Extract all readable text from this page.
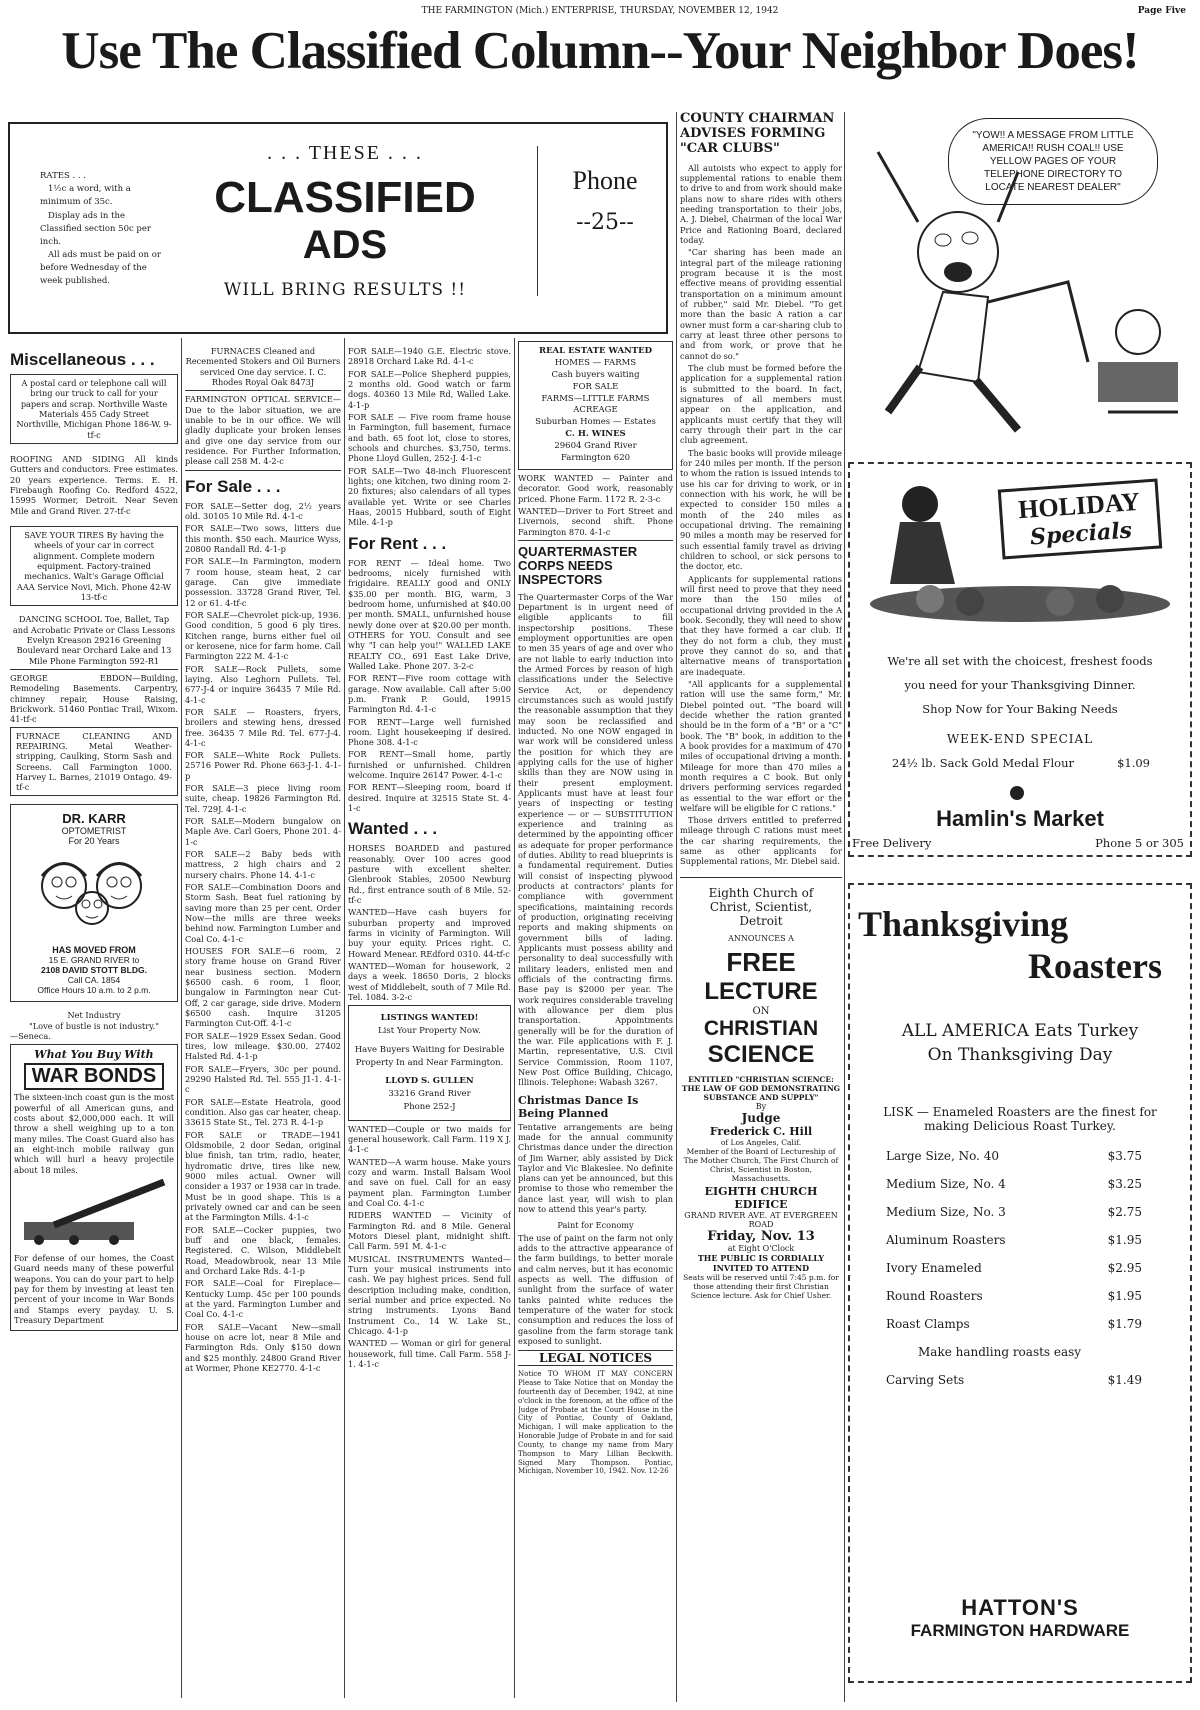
THE FARMINGTON (Mich.) ENTERPRISE, THURSDAY, NOVEMBER 12, 1942	Page Five
Use The Classified Column--Your Neighbor Does!
RATES . . .
1½c a word, with a minimum of 35c.
Display ads in the Classified section 50c per inch.
All ads must be paid on or before Wednesday of the week published.
. . . THESE . . .
CLASSIFIED
ADS
WILL BRING RESULTS !!
Phone
--25--
Miscellaneous . . .
A postal card or telephone call will bring our truck to call for your papers and scrap. Northville Waste Materials 455 Cady Street Northville, Michigan Phone 186-W. 9-tf-c
ROOFING AND SIDING All kinds Gutters and conductors. Free estimates. 20 years experience. Terms. E. H. Firebaugh Roofing Co. Redford 4522, 15995 Wormer, Detroit. Near Seven Mile and Grand River. 27-tf-c
SAVE YOUR TIRES By having the wheels of your car in correct alignment. Complete modern equipment. Factory-trained mechanics. Walt's Garage Official AAA Service Novi, Mich. Phone 42-W 13-tf-c
DANCING SCHOOL Toe, Ballet, Tap and Acrobatic Private or Class Lessons Evelyn Kreason 29216 Greening Boulevard near Orchard Lake and 13 Mile Phone Farmington 592-R1
GEORGE EBDON—Building, Remodeling Basements. Carpentry, chimney repair, House Raising, Brickwork. 51460 Pontiac Trail, Wixom. 41-tf-c
FURNACE CLEANING AND REPAIRING. Metal Weather-stripping, Caulking, Storm Sash and Screens. Call Farmington 1000. Harvey L. Barnes, 21019 Ontago. 49-tf-c
DR. KARR
OPTOMETRIST
For 20 Years
HAS MOVED FROM
15 E. GRAND RIVER to
2108 DAVID STOTT BLDG.
Call CA. 1854
Office Hours 10 a.m. to 2 p.m.
Net Industry
"Love of bustle is not industry."
—Seneca.
What You Buy With
WAR BONDS
The sixteen-inch coast gun is the most powerful of all American guns, and costs about $2,000,000 each. It will throw a shell weighing up to a ton many miles. The Coast Guard also has an eight-inch mobile railway gun which will hurl a heavy projectile about 18 miles.
For defense of our homes, the Coast Guard needs many of these powerful weapons. You can do your part to help pay for them by investing at least ten percent of your income in War Bonds and Stamps every payday. U. S. Treasury Department
FURNACES Cleaned and Recemented Stokers and Oil Burners serviced One day service. I. C. Rhodes Royal Oak 8473J
FARMINGTON OPTICAL SERVICE—Due to the labor situation, we are unable to be in our office. We will gladly duplicate your broken lenses and give one day service from our residence. For Further Information, please call 258 M. 4-2-c
For Sale . . .
FOR SALE—Setter dog, 2½ years old. 30105 10 Mile Rd. 4-1-c
FOR SALE—Two sows, litters due this month. $50 each. Maurice Wyss, 20800 Randall Rd. 4-1-p
FOR SALE—In Farmington, modern 7 room house, steam heat, 2 car garage. Can give immediate possession. 33728 Grand River, Tel. 12 or 61. 4-tf-c
FOR SALE—Chevrolet pick-up, 1936. Good condition, 5 good 6 ply tires. Kitchen range, burns either fuel oil or kerosene, nice for farm home. Call Farmington 222 M. 4-1-c
FOR SALE—Rock Pullets, some laying. Also Leghorn Pullets. Tel. 677-J-4 or inquire 36435 7 Mile Rd. 4-1-c
FOR SALE — Roasters, fryers, broilers and stewing hens, dressed free. 36435 7 Mile Rd. Tel. 677-J-4. 4-1-c
FOR SALE—White Rock Pullets. 25716 Power Rd. Phone 663-J-1. 4-1-p
FOR SALE—3 piece living room suite, cheap. 19826 Farmington Rd. Tel. 729J. 4-1-c
FOR SALE—Modern bungalow on Maple Ave. Carl Goers, Phone 201. 4-1-c
FOR SALE—2 Baby beds with mattress, 2 high chairs and 2 nursery chairs. Phone 14. 4-1-c
FOR SALE—Combination Doors and Storm Sash. Beat fuel rationing by saving more than 25 per cent. Order Now—the mills are three weeks behind now. Farmington Lumber and Coal Co. 4-1-c
HOUSES FOR SALE—6 room, 2 story frame house on Grand River near business section. Modern $6500 cash. 6 room, 1 floor, bungalow in Farmington near Cut-Off, 2 car garage, side drive. Modern $6500 cash. Inquire 31205 Farmington Cut-Off. 4-1-c
FOR SALE—1929 Essex Sedan. Good tires, low mileage. $30.00. 27402 Halsted Rd. 4-1-p
FOR SALE—Fryers, 30c per pound. 29290 Halsted Rd. Tel. 555 J1-1. 4-1-c
FOR SALE—Estate Heatrola, good condition. Also gas car heater, cheap. 33615 State St., Tel. 273 R. 4-1-p
FOR SALE or TRADE—1941 Oldsmobile, 2 door Sedan, original blue finish, tan trim, radio, heater, hydromatic drive, tires like new, 9000 miles actual. Owner will consider a 1937 or 1938 car in trade. Must be in good shape. This is a privately owned car and can be seen at the Farmington Mills. 4-1-c
FOR SALE—Cocker puppies, two buff and one black, females. Registered. C. Wilson, Middlebelt Road, Meadowbrook, near 13 Mile and Orchard Lake Rds. 4-1-p
FOR SALE—Coal for Fireplace—Kentucky Lump. 45c per 100 pounds at the yard. Farmington Lumber and Coal Co. 4-1-c
FOR SALE—Vacant New—small house on acre lot, near 8 Mile and Farmington Rds. Only $150 down and $25 monthly. 24800 Grand River at Wormer, Phone KE2770. 4-1-c
FOR SALE—1940 G.E. Electric stove. 28918 Orchard Lake Rd. 4-1-c
FOR SALE—Police Shepherd puppies, 2 months old. Good watch or farm dogs. 40360 13 Mile Rd, Walled Lake. 4-1-p
FOR SALE — Five room frame house in Farmington, full basement, furnace and bath. 65 foot lot, close to stores, schools and churches. $3,750, terms. Phone Lloyd Gullen, 252-J. 4-1-c
FOR SALE—Two 48-inch Fluorescent lights; one kitchen, two dining room 2-20 fixtures; also calendars of all types available yet. Write or see Charles Haas, 20015 Hubbard, south of Eight Mile. 4-1-p
For Rent . . .
FOR RENT — Ideal home. Two bedrooms, nicely furnished with frigidaire. REALLY good and ONLY $35.00 per month. BIG, warm, 3 bedroom home, unfurnished at $40.00 per month. SMALL, unfurnished house newly done over at $20.00 per month. OTHERS for YOU. Consult and see why "I can help you!" WALLED LAKE REALTY CO., 691 East Lake Drive, Walled Lake. Phone 207. 3-2-c
FOR RENT—Five room cottage with garage. Now available. Call after 5:00 p.m. Frank P. Gould, 19915 Farmington Rd. 4-1-c
FOR RENT—Large well furnished room. Light housekeeping if desired. Phone 308. 4-1-c
FOR RENT—Small home, partly furnished or unfurnished. Children welcome. Inquire 26147 Power. 4-1-c
FOR RENT—Sleeping room, board if desired. Inquire at 32515 State St. 4-1-c
Wanted . . .
HORSES BOARDED and pastured reasonably. Over 100 acres good pasture with excellent shelter. Glenbrook Stables, 20500 Newburg Rd., first entrance south of 8 Mile. 52-tf-c
WANTED—Have cash buyers for suburban property and improved farms in vicinity of Farmington. Will buy your equity. Prices right. C. Howard Menear. REdford 0310. 44-tf-c
WANTED—Woman for housework, 2 days a week. 18650 Doris, 2 blocks west of Middlebelt, south of 7 Mile Rd. Tel. 1084. 3-2-c
LISTINGS WANTED!
List Your Property Now.
Have Buyers Waiting for Desirable Property In and Near Farmington.
LLOYD S. GULLEN
33216 Grand River
Phone 252-J
WANTED—Couple or two maids for general housework. Call Farm. 119 X J. 4-1-c
WANTED—A warm house. Make yours cozy and warm. Install Balsam Wool and save on fuel. Call for an easy payment plan. Farmington Lumber and Coal Co. 4-1-c
RIDERS WANTED — Vicinity of Farmington Rd. and 8 Mile. General Motors Diesel plant, midnight shift. Call Farm. 591 M. 4-1-c
MUSICAL INSTRUMENTS Wanted—Turn your musical instruments into cash. We pay highest prices. Send full description including make, condition, serial number and price expected. No string instruments. Lyons Band Instrument Co., 14 W. Lake St., Chicago. 4-1-p
WANTED — Woman or girl for general housework, full time. Call Farm. 558 J-1. 4-1-c
REAL ESTATE WANTED
HOMES — FARMS
Cash buyers waiting
FOR SALE
FARMS—LITTLE FARMS
ACREAGE
Suburban Homes — Estates
C. H. WINES
29604 Grand River
Farmington 620
WORK WANTED — Painter and decorator. Good work, reasonably priced. Phone Farm. 1172 R. 2-3-c
WANTED—Driver to Fort Street and Livernois, second shift. Phone Farmington 870. 4-1-c
QUARTERMASTER CORPS NEEDS INSPECTORS
The Quartermaster Corps of the War Department is in urgent need of eligible applicants to fill inspectorship positions. These employment opportunities are open to men 35 years of age and over who are not liable to early induction into the Armed Forces by reason of high classifications under the Selective Service Act, or dependency circumstances such as would justify the reasonable assumption that they may soon be reclassified and inducted. No one NOW engaged in war work will be considered unless the position for which they are applying calls for the use of higher skills than they are NOW using in their present employment. Applicants must have at least four years of inspecting or testing experience — or — SUBSTITUTION experience and training as determined by the appointing officer as adequate for proper performance of duties. Ability to read blueprints is a fundamental requirement. Duties will consist of inspecting plywood products at contractors' plants for compliance with government specifications, maintaining records of production, originating receiving reports and making shipments on government bills of lading. Applicants must possess ability and personality to deal successfully with military leaders, enlisted men and officials of the contracting firms. Base pay is $2000 per year. The work requires considerable traveling with allowance per diem plus transportation. Appointments generally will be for the duration of the war. File applications with F. J. Martin, representative, U.S. Civil Service Commission, Room 1107, New Post Office Building, Chicago, Illinois. Telephone: Wabash 3267.
Christmas Dance Is Being Planned
Tentative arrangements are being made for the annual community Christmas dance under the direction of Jim Warner, ably assisted by Dick Taylor and Vic Blakeslee. No definite plans can yet be announced, but this promise to those who remember the dance last year, will wish to plan now to attend this year's party.
Paint for Economy
The use of paint on the farm not only adds to the attractive appearance of the farm buildings, to better morale and calm nerves, but it has economic aspects as well. The diffusion of sunlight from the surface of water tanks painted white reduces the temperature of the water for stock consumption and reduces the loss of gasoline from the farm storage tank exposed to sunlight.
LEGAL NOTICES
Notice TO WHOM IT MAY CONCERN Please to Take Notice that on Monday the fourteenth day of December, 1942, at nine o'clock in the forenoon, at the office of the Judge of Probate at the Court House in the City of Pontiac, County of Oakland, Michigan, I will make application to the Honorable Judge of Probate in and for said County, to change my name from Mary Thompson to Mary Lillian Beckwith. Signed Mary Thompson. Pontiac, Michigan, November 10, 1942. Nov. 12-26
COUNTY CHAIRMAN ADVISES FORMING "CAR CLUBS"
All autoists who expect to apply for supplemental rations to enable them to drive to and from work should make plans now to share rides with others needing transportation to their jobs, A. J. Diebel, Chairman of the local War Price and Rationing Board, declared today.
"Car sharing has been made an integral part of the mileage rationing program because it is the most effective means of providing essential transportation on a minimum amount of rubber," said Mr. Diebel. "To get more than the basic A ration a car owner must form a car-sharing club to carry at least three other persons to and from work, or prove that he cannot do so."
The club must be formed before the application for a supplemental ration is submitted to the board. In fact, signatures of all members must appear on the application, and applicants must certify that they will carry through their part in the car club agreement.
The basic books will provide mileage for 240 miles per month. If the person to whom the ration is issued intends to use his car for driving to work, or in connection with his work, he will be expected to consider 150 miles a month of the 240 miles as occupational driving. The remaining 90 miles a month may be reserved for such essential family travel as driving children to school, or sick persons to the doctor, etc.
Applicants for supplemental rations will first need to prove that they need more than the 150 miles of occupational driving provided in the A book. Secondly, they will need to show that they have formed a car club. If they do not form a club, they must prove they cannot do so, and that alternative means of transportation are inadequate.
"All applicants for a supplemental ration will use the same form," Mr. Diebel pointed out. "The board will decide whether the ration granted should be in the form of a "B" or a "C" book. The "B" book, in addition to the A book provides for a maximum of 470 miles of occupational driving a month. Mileage for more than 470 miles a month requires a C book. But only drivers performing services regarded as essential to the war effort or the welfare will be eligible for C rations."
Those drivers entitled to preferred mileage through C rations must meet the car sharing requirements, the same as other applicants for Supplemental rations, Mr. Diebel said.
Eighth Church of
Christ, Scientist,
Detroit
ANNOUNCES A
FREE
LECTURE
ON
CHRISTIAN
SCIENCE
ENTITLED "CHRISTIAN SCIENCE: THE LAW OF GOD DEMONSTRATING SUBSTANCE AND SUPPLY"
By
Judge
Frederick C. Hill
of Los Angeles, Calif.
Member of the Board of Lectureship of The Mother Church, The First Church of Christ, Scientist in Boston, Massachusetts.
EIGHTH CHURCH EDIFICE
GRAND RIVER AVE. AT EVERGREEN ROAD
Friday, Nov. 13
at Eight O'Clock
THE PUBLIC IS CORDIALLY INVITED TO ATTEND
Seats will be reserved until 7:45 p.m. for those attending their first Christian Science lecture. Ask for Chief Usher.
"YOW!! A MESSAGE FROM LITTLE AMERICA!! RUSH COAL!! USE YELLOW PAGES OF YOUR TELEPHONE DIRECTORY TO LOCATE NEAREST DEALER"
HOLIDAY
Specials
We're all set with the choicest, freshest foods
you need for your Thanksgiving Dinner.
Shop Now for Your Baking Needs
WEEK-END SPECIAL
24½ lb. Sack Gold Medal Flour	$1.09
Hamlin's Market
Free Delivery	Phone 5 or 305
Thanksgiving
Roasters
ALL AMERICA Eats Turkey
On Thanksgiving Day
LISK — Enameled Roasters are the finest for making Delicious Roast Turkey.
Large Size, No. 40	$3.75
Medium Size, No. 4	$3.25
Medium Size, No. 3	$2.75
Aluminum Roasters	$1.95
Ivory Enameled	$2.95
Round Roasters	$1.95
Roast Clamps	$1.79
Make handling roasts easy
Carving Sets	$1.49
HATTON'S
FARMINGTON HARDWARE
